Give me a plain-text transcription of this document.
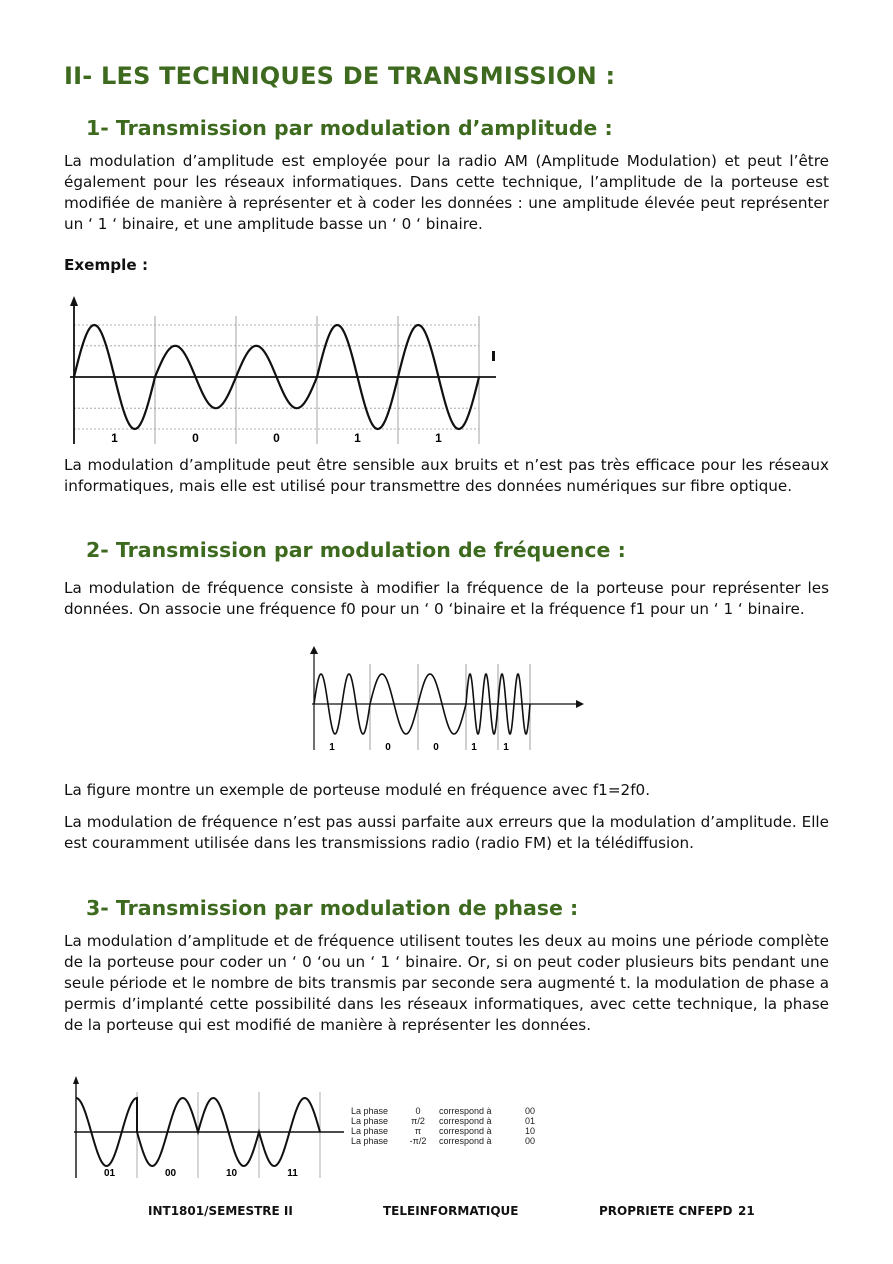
II- LES TECHNIQUES DE TRANSMISSION :
1- Transmission par modulation d’amplitude :

La modulation d’amplitude est employée pour la radio AM (Amplitude Modulation) et peut l’être également pour les réseaux informatiques. Dans cette technique, l’amplitude de la porteuse est modifiée de manière à représenter et à coder les données : une amplitude élevée peut représenter un ‘ 1 ‘ binaire, et une amplitude basse un ‘ 0 ‘ binaire.

Exemple :

1	0	0	1	1

La modulation d’amplitude peut être sensible aux bruits et n’est pas très efficace pour les réseaux informatiques, mais elle est utilisé pour transmettre des données numériques sur fibre optique.

2- Transmission par modulation de fréquence :

La modulation de fréquence consiste à modifier la fréquence de la porteuse pour représenter les données. On associe une fréquence f0 pour un ‘ 0 ‘binaire et la fréquence f1 pour un ‘ 1 ‘ binaire.

1	0	0	1	1

La figure montre un exemple de porteuse modulé en fréquence avec f1=2f0.

La modulation de fréquence n’est pas aussi parfaite aux erreurs que la modulation d’amplitude. Elle est couramment utilisée dans les transmissions radio (radio FM) et la télédiffusion.

3- Transmission par modulation de phase :

La modulation d’amplitude et de fréquence utilisent toutes les deux au moins une période complète de la porteuse pour coder un ‘ 0 ‘ou un ‘ 1 ‘ binaire. Or, si on peut coder plusieurs bits pendant une seule période et le nombre de bits transmis par seconde sera augmenté t. la modulation de phase a permis d’implanté cette possibilité dans les réseaux informatiques, avec cette technique, la phase de la porteuse qui est modifié de manière à représenter les données.

01	00	10	11
La phase	0 correspond à	00
La phase	π/2 correspond à	01
La phase	π correspond à	10
La phase -π/2 correspond à	00
INT1801/SEMESTRE II	TELEINFORMATIQUE	PROPRIETE CNFEPD 21
